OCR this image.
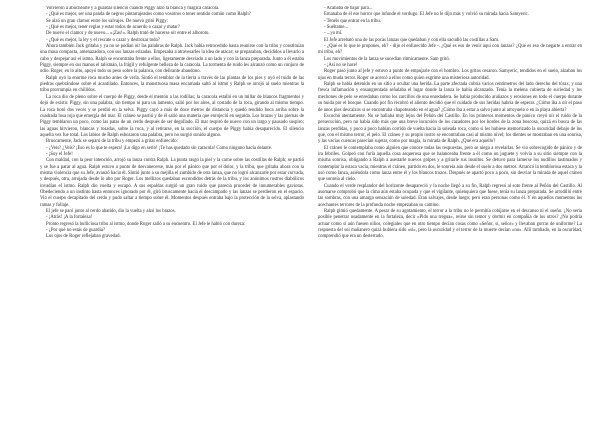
Volvieron a abuchearle y a guardar silencio cuando Piggy alzó la blanca y mágica caracola.

- ¿Qué es mejor, ser una panda de negros pintarrajeados como vosotros o tener sentido común como Ralph?

Se alzó un gran clamor entre los salvajes. De nuevo gritó Piggy:

- ¿Qué es mejor, tener reglas y estar todos de acuerdo o cazar y matar?

De nuevo el clamor y de nuevo... «¡Zas!». Ralph trató de hacerse oír entre el alboroto.

- ¿Qué es mejor, la ley y el rescate o cazar y destrozar todo?

Ahora también Jack gritaba y ya no se podían oír las palabras de Ralph. Jack había retrocedido hasta reunirse con la tribu y constituían una masa compacta, amenazadora, con sus lanzas erizadas. Empezaba a atravesarles la idea de atacar; se preparaban, decididos a llevarlo a cabo y despejar así el istmo. Ralph se encontraba frente a ellos, ligeramente desviado a un lado y con la lanza preparada. Junto a él estaba Piggy, siempre en sus manos el talismán, la frágil y refulgente belleza de la caracola. La tormenta de ruido les alcanzó como un conjuro de odio. Roger, en lo alto, apoyó todo su peso sobre la palanca, con delirante abandono.

Ralph oyó la enorme roca mucho antes de verla. Sintió el temblor de la tierra a través de las plantas de los pies y oyó el ruido de las piedras quebrándose sobre el acantilado. Entonces, la monstruosa masa encarnada saltó al istmo y Ralph se arrojó al suelo mientras la tribu prorrumpía en chillidos.

La roca dio de pleno sobre el cuerpo de Piggy, desde el mentón a las rodillas; la caracola estalló en un millar de blancos fragmentos y dejó de existir. Piggy, sin una palabra, sin tiempo ni para un lamento, salió por los aires, al costado de la roca, girando al mismo tiempo. La roca botó dos veces y se perdió en la selva. Piggy cayó a más de doce metros de distancia y quedó tendido boca arriba sobre la cuadrada losa roja que emergía del mar. El cráneo se partió y de él salió una materia que enrojeció en seguida. Los brazos y las piernas de Piggy temblaron un poco, como las patas de un cerdo después de ser degollado. El mar respiró de nuevo con un largo y pausado suspiro; las aguas hirvieron, blancas y rosadas, sobre la roca, y al retirarse, en la succión, el cuerpo de Piggy había desaparecido. El silencio aquella vez fue total. Los labios de Ralph esbozaron una palabra, pero no surgió sonido alguno.

Bruscamente, Jack se separó de la tribu y empezó a gritar enfurecido:

- ¿Veis? ¿Veis? ¡Eso es lo que te espera! ¡Lo digo en serio! ¡Te has quedado sin caracola! Como ninguno hacía delante.

- ¡Soy el Jefe!

Con maldad, con la peor intención, arrojó su lanza contra Ralph. La punta rasgó la piel y la carne sobre las costillas de Ralph; se partió y se fue a parar al agua. Ralph estuvo a punto de desvanecerse, más por el pánico que por el dolor, y la tribu, que gritaba ahora con la misma violencia que su Jefe, avanzó hacia él. Sintió junto a su mejilla el zumbido de otra lanza, que no logró alcanzarle por estar curvada, y después, otra, arrojada desde lo alto por Roger. Los mellizos quedaban escondidos detrás de la tribu, y los anónimos rostros diabólicos invadían el istmo. Ralph dio vuelta y escapó. A sus espaldas surgió un gran ruido que parecía proceder de innumerables gaviotas. Obedeciendo a un instinto hasta entonces ignorado por él, giró bruscamente hacia el descampado y las lanzas se perdieron en el espacio. Vio el cuerpo decapitado del cerdo y pudo saltar a tiempo sobre él. Momentos después entraba bajo la protección de la selva, aplastando ramas y follaje.

El jefe se paró junto al cerdo abatido, dio la vuelta y alzó los brazos.

- ¡Atrás! ¡A la fortaleza!

Pronto regresó la bulliciosa tribu al istmo, donde Roger salió a su encuentro. El Jefe le habló con dureza:

- ¿Por qué no estás de guardia?

Los ojos de Roger reflejaban gravedad.

- Acababa de bajar para...

Emanaba de él ese horror que infunde el verdugo. El Jefe no le dijo más y volvió su mirada hacia Samyeric.

- Tenéis que entrar en la tribu.

- Suéltame...

- ...ya mí.

El Jefe arrebató una de las pocas lanzas que quedaban y con ella sacudió las costillas a Sam.

- ¿Qué es lo que te propones, eh? - dijo el enfurecido Jefe -. ¿Qué es eso de venir aquí con lanzas? ¿Qué es eso de negarte a entrar en mi tribu, eh?

Los movimientos de la lanza se sucedían rítmicamente. Sam gritó.

- ¡Así no se hace!

Roger pasó junto al jefe y estuvo a punto de empujarle con el hombro. Los gritos cesaron. Samyeric, tendidos en el suelo, alzaban los ojos en muda terror. Roger se acercó a ellos como quien esgrime una misteriosa autoridad.

Ralph se había detenido en un sitio a ocultar una herida. La parte afectada cubría varios centímetros del lado derecho del tórax, y una fresca inflamación y ensangrentada señalaba el lugar donde la lanza le había alcanzado. Tenía la melena cubierta de suciedad y los mechones de pelo se enredaban como los zarcillos de una enredadera. Se había producido arañazos y erosiones en todo el cuerpo durante su huida por el bosque. Cuando por fin recobró el aliento decidió que el cuidado de sus heridas habría de esperar. ¿Cómo iba a oír el paso de unos pies descalzos si se encontraba chapoteando en el agua? ¿Cómo iba a estar a salvo junto al arroyuelo o en la playa abierta?

Escuchó atentamente. No se hallaba muy lejos del Peñón del Castillo. En los primeros momentos de pánico creyó oír el ruido de la persecución, pero no había sido más que una breve incursión de los cazadores por los bordes de la zona boscosa, quizá en busca de las lanzas perdidas, y poco a poco habían corrido de vuelta hacia la soleada roca, como si les hubiese atemorizado la oscuridad debajo de los que, con el mismo terror, el pelo. El cráneo y su propio rostro se encontraban casi al mismo nivel; los dientes se mostraban en una sonrisa, y las vacías cuencas parecían sujetar, como por magia, la mirada de Ralph. ¿Qué era aquello?

El cráneo le contemplaba como alguien que conoce todas las respuestas, pero se niega a revelarlas. Se vio sobrecogido de pánico y de ira febriles. Golpeó con furia aquella cosa asquerosa que se balanceaba frente a él como un juguete y volvía a su sitio siempre con la misma sonrisa, obligando a Ralph a asestarle nuevos golpes y a gritarle sus insultos. Se detuvo para lamerse los nudillos lastimados y contemplar la estaca vacía, mientras el cráneo, partido en dos, le sonreía aún desde el suelo a dos metros. Arrancó la temblorosa estaca y la usó como lanza, asiéndola como lanza entre él y los blancos trozos. Después se apartó poco a poco, sin desviar la mirada de aquel cráneo que sonreía al cielo.

Cuando el verde resplandor del horizonte desapareció y la noche llegó a su fin, Ralph regresó al soto frente al Peñón del Castillo. Al asomarse comprobó que la cima aún estaba ocupada y que el vigilante, quienquiera que fuese, tenía su lanza preparada. Se arrodilló entre las sombras, con una amarga sensación de soledad. Eran salvajes, desde luego; pero eran personas como él. Y en aquellos momentos los acechantes terrores de la profunda noche empezaban su camino.

Ralph gimió quedamente. A pesar de su agotamiento, el terror a la tribu no le permitía cobijarse en el descanso ni el sueño. ¿No sería posible penetrar osadamente en la fortaleza, decir «Pido una tregua», reírse sin temor y dormir en compañía de los otros? ¿No podría actuar como si aún fuesen niños, colegiales que en otro tiempo decían cosas como «Señor, sí, señor» y llevaban gorras de uniforme? La respuesta del sol mañanero quizá hubiera sido «sí», pero la oscuridad y el terror de la muerte decían «no». Allí tumbado, en la oscuridad, comprendió que era un desterrado.
